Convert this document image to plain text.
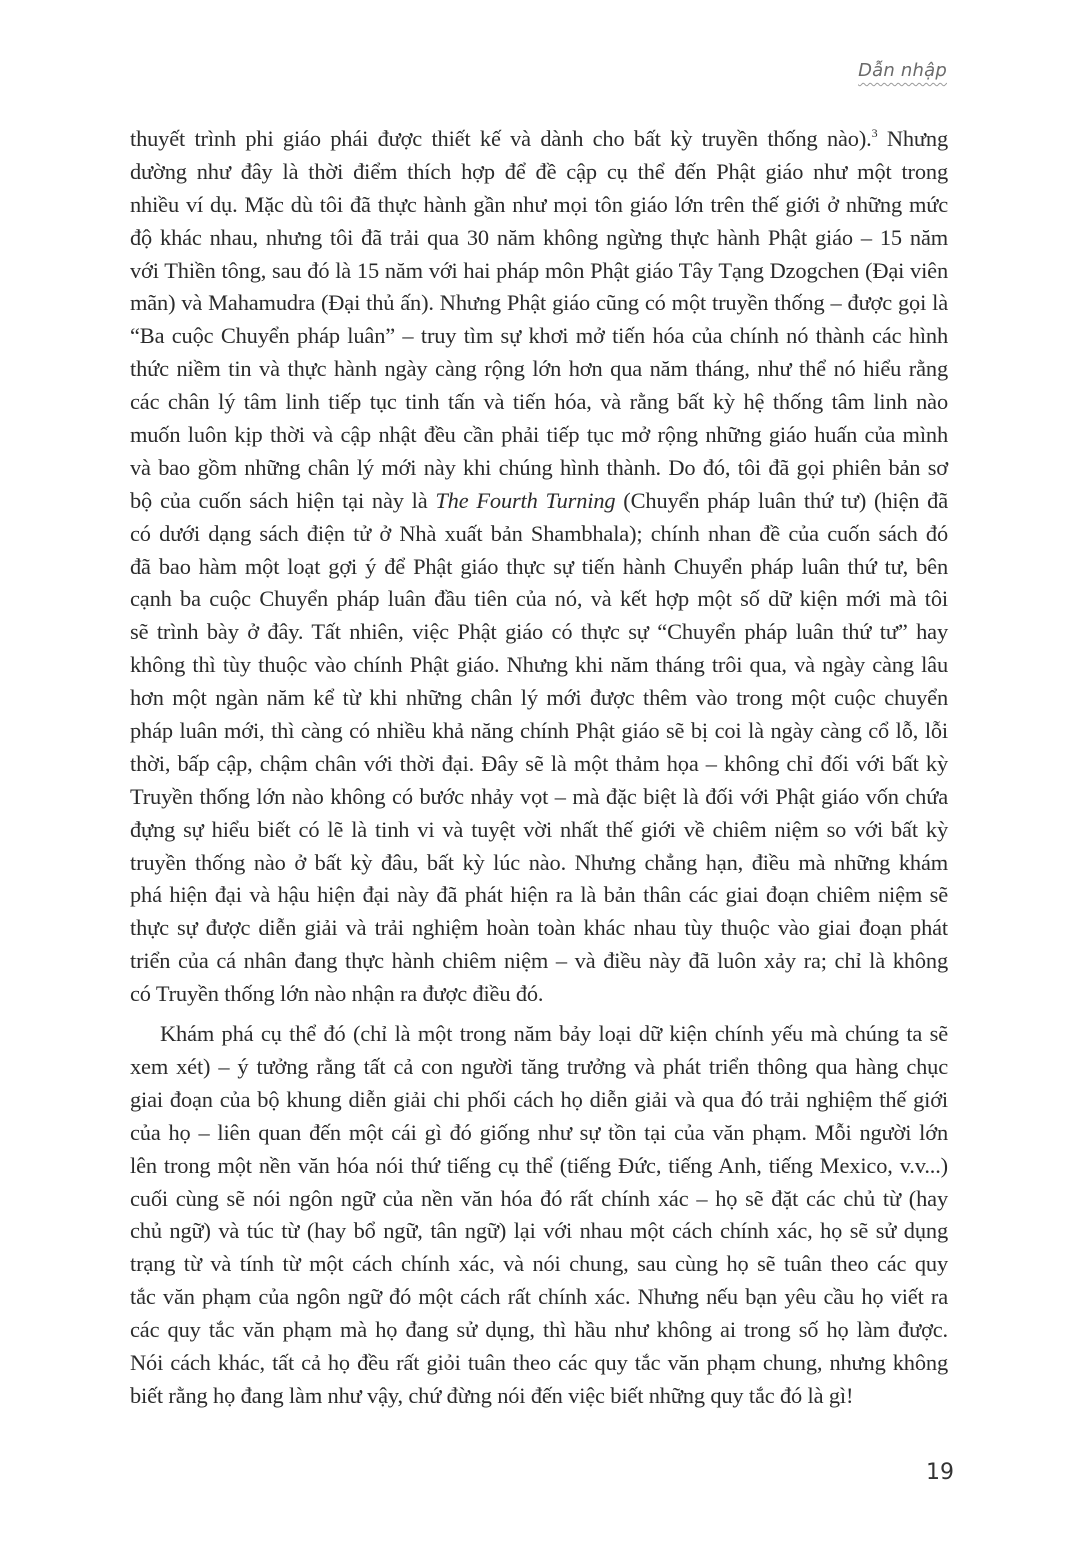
Dẫn nhập
thuyết trình phi giáo phái được thiết kế và dành cho bất kỳ truyền thống nào).$^3$ Nhưng
dường như đây là thời điểm thích hợp để đề cập cụ thể đến Phật giáo như một trong
nhiều ví dụ. Mặc dù tôi đã thực hành gần như mọi tôn giáo lớn trên thế giới ở những mức
độ khác nhau, nhưng tôi đã trải qua 30 năm không ngừng thực hành Phật giáo – 15 năm
với Thiền tông, sau đó là 15 năm với hai pháp môn Phật giáo Tây Tạng Dzogchen (Đại viên
mãn) và Mahamudra (Đại thủ ấn). Nhưng Phật giáo cũng có một truyền thống – được gọi là
“Ba cuộc Chuyển pháp luân” – truy tìm sự khơi mở tiến hóa của chính nó thành các hình
thức niềm tin và thực hành ngày càng rộng lớn hơn qua năm tháng, như thể nó hiểu rằng
các chân lý tâm linh tiếp tục tinh tấn và tiến hóa, và rằng bất kỳ hệ thống tâm linh nào
muốn luôn kịp thời và cập nhật đều cần phải tiếp tục mở rộng những giáo huấn của mình
và bao gồm những chân lý mới này khi chúng hình thành. Do đó, tôi đã gọi phiên bản sơ
bộ của cuốn sách hiện tại này là The Fourth Turning (Chuyển pháp luân thứ tư) (hiện đã
có dưới dạng sách điện tử ở Nhà xuất bản Shambhala); chính nhan đề của cuốn sách đó
đã bao hàm một loạt gợi ý để Phật giáo thực sự tiến hành Chuyển pháp luân thứ tư, bên
cạnh ba cuộc Chuyển pháp luân đầu tiên của nó, và kết hợp một số dữ kiện mới mà tôi
sẽ trình bày ở đây. Tất nhiên, việc Phật giáo có thực sự “Chuyển pháp luân thứ tư” hay
không thì tùy thuộc vào chính Phật giáo. Nhưng khi năm tháng trôi qua, và ngày càng lâu
hơn một ngàn năm kể từ khi những chân lý mới được thêm vào trong một cuộc chuyển
pháp luân mới, thì càng có nhiều khả năng chính Phật giáo sẽ bị coi là ngày càng cổ lỗ, lỗi
thời, bấp cập, chậm chân với thời đại. Đây sẽ là một thảm họa – không chỉ đối với bất kỳ
Truyền thống lớn nào không có bước nhảy vọt – mà đặc biệt là đối với Phật giáo vốn chứa
đựng sự hiểu biết có lẽ là tinh vi và tuyệt vời nhất thế giới về chiêm niệm so với bất kỳ
truyền thống nào ở bất kỳ đâu, bất kỳ lúc nào. Nhưng chẳng hạn, điều mà những khám
phá hiện đại và hậu hiện đại này đã phát hiện ra là bản thân các giai đoạn chiêm niệm sẽ
thực sự được diễn giải và trải nghiệm hoàn toàn khác nhau tùy thuộc vào giai đoạn phát
triển của cá nhân đang thực hành chiêm niệm – và điều này đã luôn xảy ra; chỉ là không
có Truyền thống lớn nào nhận ra được điều đó.
Khám phá cụ thể đó (chỉ là một trong năm bảy loại dữ kiện chính yếu mà chúng ta sẽ
xem xét) – ý tưởng rằng tất cả con người tăng trưởng và phát triển thông qua hàng chục
giai đoạn của bộ khung diễn giải chi phối cách họ diễn giải và qua đó trải nghiệm thế giới
của họ – liên quan đến một cái gì đó giống như sự tồn tại của văn phạm. Mỗi người lớn
lên trong một nền văn hóa nói thứ tiếng cụ thể (tiếng Đức, tiếng Anh, tiếng Mexico, v.v...)
cuối cùng sẽ nói ngôn ngữ của nền văn hóa đó rất chính xác – họ sẽ đặt các chủ từ (hay
chủ ngữ) và túc từ (hay bổ ngữ, tân ngữ) lại với nhau một cách chính xác, họ sẽ sử dụng
trạng từ và tính từ một cách chính xác, và nói chung, sau cùng họ sẽ tuân theo các quy
tắc văn phạm của ngôn ngữ đó một cách rất chính xác. Nhưng nếu bạn yêu cầu họ viết ra
các quy tắc văn phạm mà họ đang sử dụng, thì hầu như không ai trong số họ làm được.
Nói cách khác, tất cả họ đều rất giỏi tuân theo các quy tắc văn phạm chung, nhưng không
biết rằng họ đang làm như vậy, chứ đừng nói đến việc biết những quy tắc đó là gì!
19
